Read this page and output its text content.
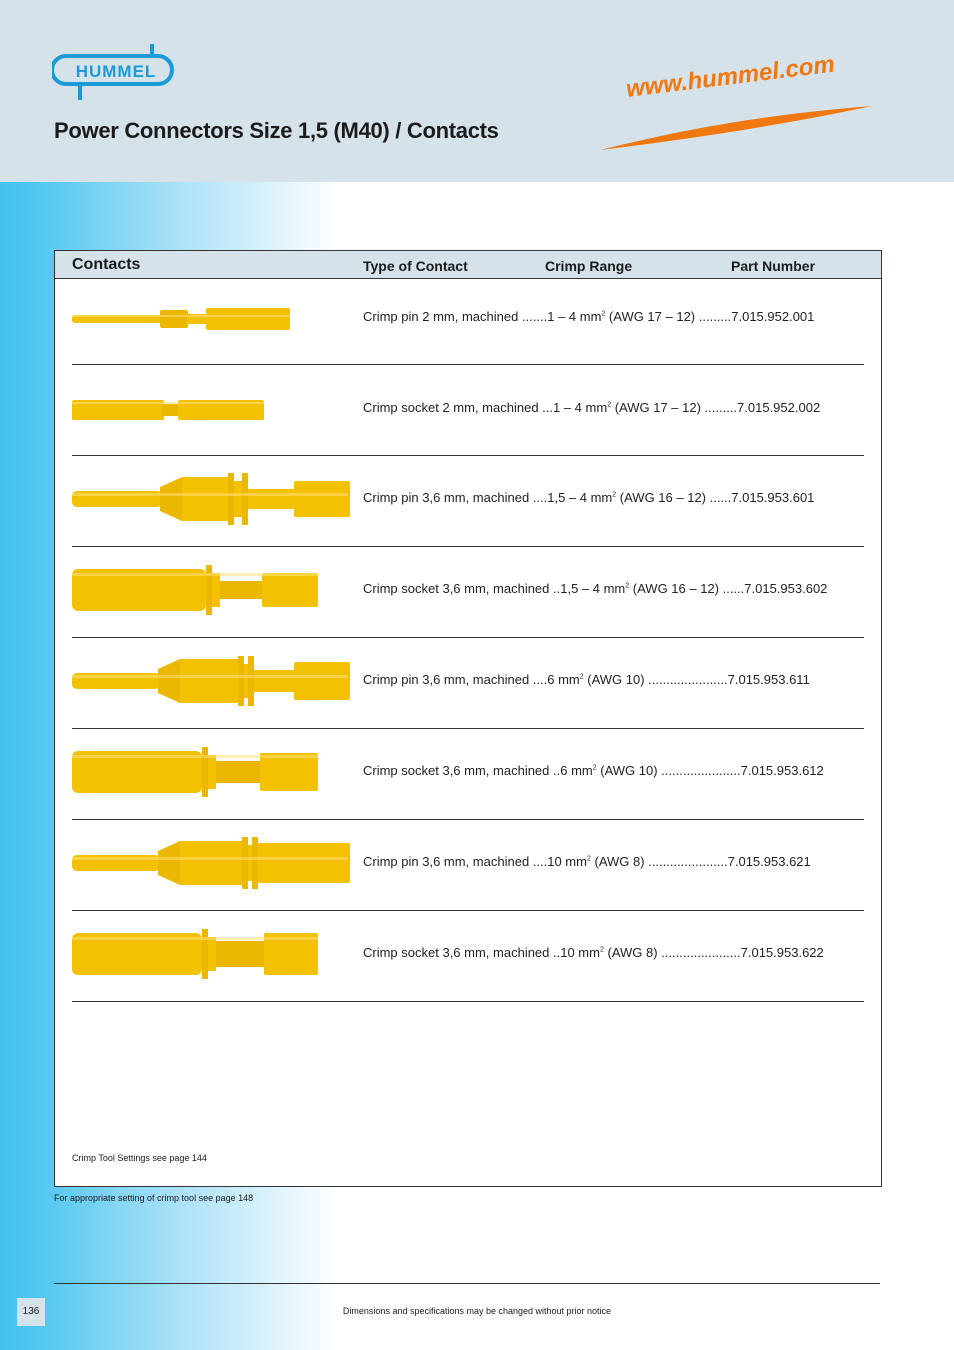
HUMMEL
Power Connectors Size 1,5 (M40) / Contacts
www.hummel.com
Contacts	Type of Contact	Crimp Range	Part Number
Crimp pin 2 mm, machined .......1 – 4 $mm^2$ (AWG 17 – 12) .........7.015.952.001
Crimp socket 2 mm, machined ...1 – 4 $mm^2$ (AWG 17 – 12) .........7.015.952.002
Crimp pin 3,6 mm, machined ....1,5 – 4 $mm^2$ (AWG 16 – 12) ......7.015.953.601
Crimp socket 3,6 mm, machined ..1,5 – 4 $mm^2$ (AWG 16 – 12) ......7.015.953.602
Crimp pin 3,6 mm, machined ....6 $mm^2$ (AWG 10) ......................7.015.953.611
Crimp socket 3,6 mm, machined ..6 $mm^2$ (AWG 10) ......................7.015.953.612
Crimp pin 3,6 mm, machined ....10 $mm^2$ (AWG 8) ......................7.015.953.621
Crimp socket 3,6 mm, machined ..10 $mm^2$ (AWG 8) ......................7.015.953.622
Crimp Tool Settings see page 144
For appropriate setting of crimp tool see page 148
136	Dimensions and specifications may be changed without prior notice
